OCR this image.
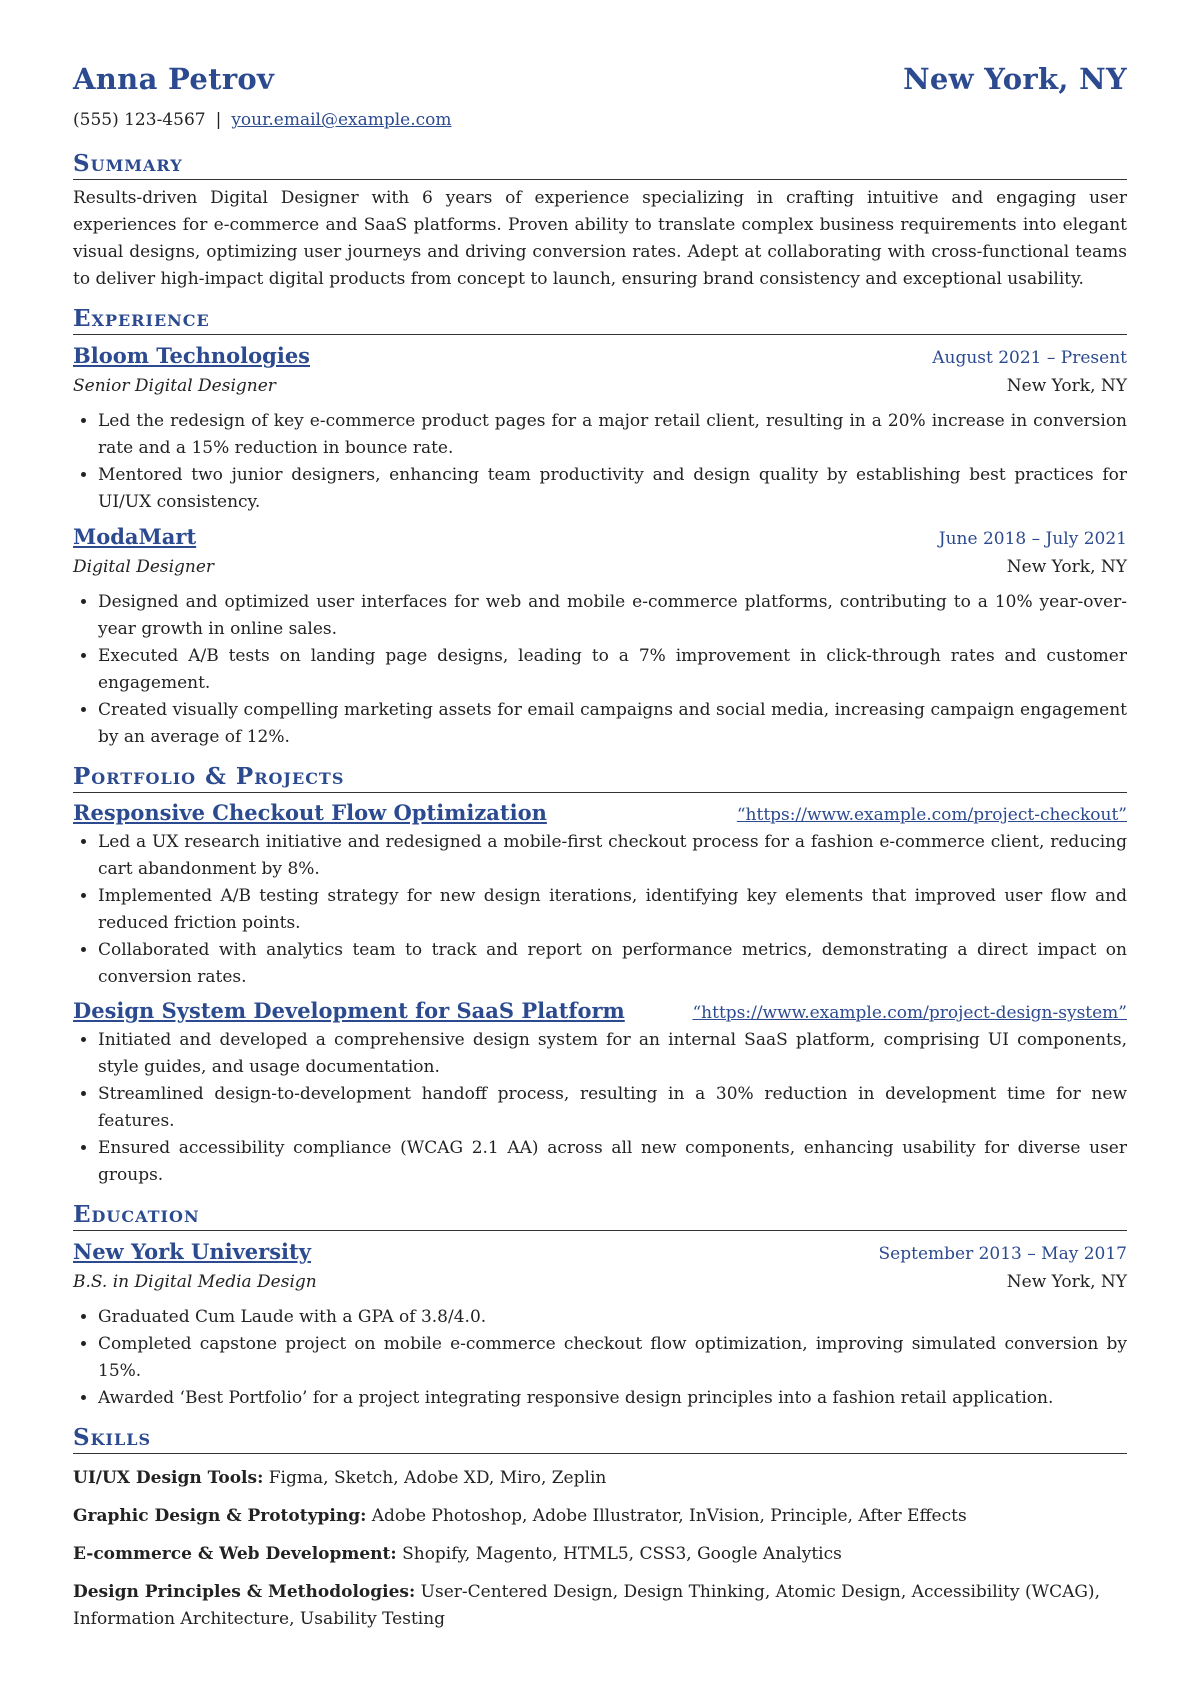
Anna Petrov	New York, NY
(555) 123-4567 | your.email@example.com
Summary
Results-driven Digital Designer with 6 years of experience specializing in crafting intuitive and engaging user experiences for e-commerce and SaaS platforms. Proven ability to translate complex business requirements into elegant visual designs, optimizing user journeys and driving conversion rates. Adept at collaborating with cross-functional teams to deliver high-impact digital products from concept to launch, ensuring brand consistency and exceptional usability.
Experience
Bloom Technologies	August 2021 – Present
Senior Digital Designer	New York, NY
• Led the redesign of key e-commerce product pages for a major retail client, resulting in a 20% increase in conversion rate and a 15% reduction in bounce rate.
• Mentored two junior designers, enhancing team productivity and design quality by establishing best practices for UI/UX consistency.
ModaMart	June 2018 – July 2021
Digital Designer	New York, NY
• Designed and optimized user interfaces for web and mobile e-commerce platforms, contributing to a 10% year-over-year growth in online sales.
• Executed A/B tests on landing page designs, leading to a 7% improvement in click-through rates and customer engagement.
• Created visually compelling marketing assets for email campaigns and social media, increasing campaign engagement by an average of 12%.
Portfolio & Projects
Responsive Checkout Flow Optimization	“https://www.example.com/project-checkout”
• Led a UX research initiative and redesigned a mobile-first checkout process for a fashion e-commerce client, reducing cart abandonment by 8%.
• Implemented A/B testing strategy for new design iterations, identifying key elements that improved user flow and reduced friction points.
• Collaborated with analytics team to track and report on performance metrics, demonstrating a direct impact on conversion rates.
Design System Development for SaaS Platform	“https://www.example.com/project-design-system”
• Initiated and developed a comprehensive design system for an internal SaaS platform, comprising UI components, style guides, and usage documentation.
• Streamlined design-to-development handoff process, resulting in a 30% reduction in development time for new features.
• Ensured accessibility compliance (WCAG 2.1 AA) across all new components, enhancing usability for diverse user groups.
Education
New York University	September 2013 – May 2017
B.S. in Digital Media Design	New York, NY
• Graduated Cum Laude with a GPA of 3.8/4.0.
• Completed capstone project on mobile e-commerce checkout flow optimization, improving simulated conversion by 15%.
• Awarded ‘Best Portfolio’ for a project integrating responsive design principles into a fashion retail application.
Skills
UI/UX Design Tools: Figma, Sketch, Adobe XD, Miro, Zeplin
Graphic Design & Prototyping: Adobe Photoshop, Adobe Illustrator, InVision, Principle, After Effects
E-commerce & Web Development: Shopify, Magento, HTML5, CSS3, Google Analytics
Design Principles & Methodologies: User-Centered Design, Design Thinking, Atomic Design, Accessibility (WCAG), Information Architecture, Usability Testing
